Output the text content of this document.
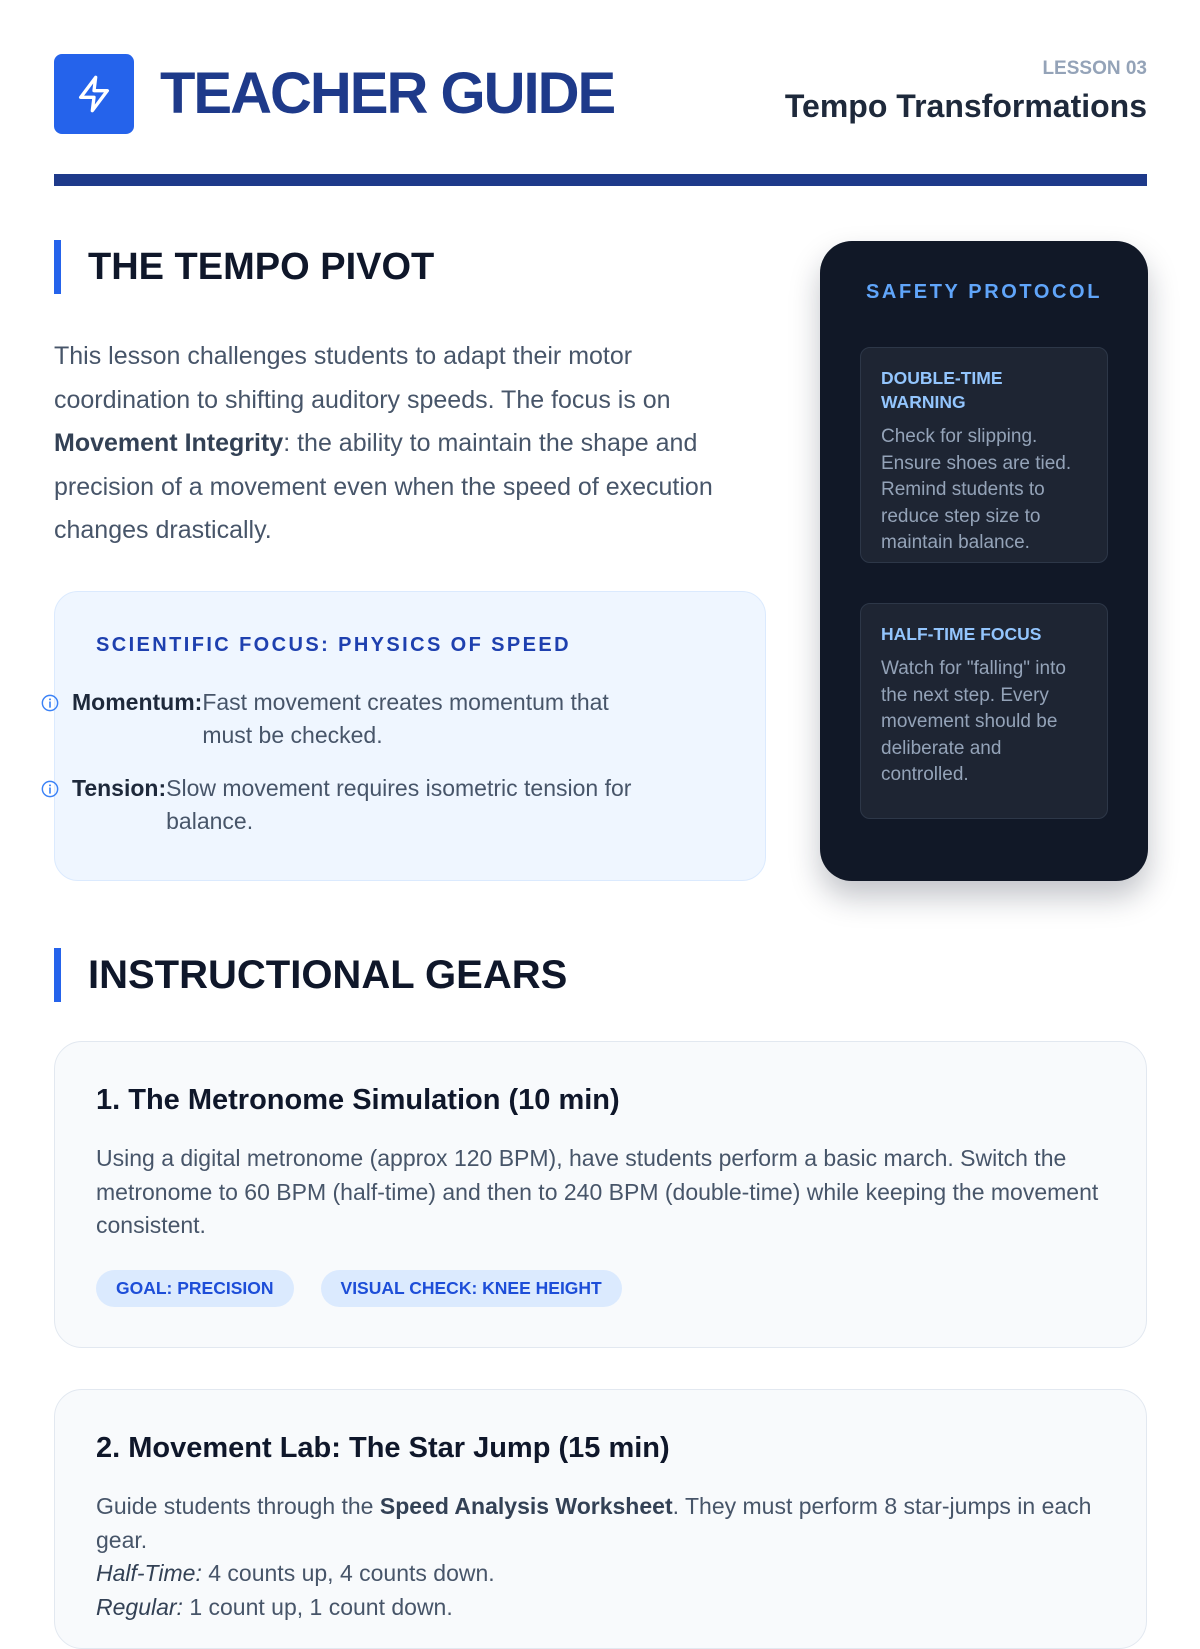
TEACHER GUIDE	LESSON 03
Tempo Transformations
THE TEMPO PIVOT

This lesson challenges students to adapt their motor coordination to shifting auditory speeds. The focus is on Movement Integrity: the ability to maintain the shape and precision of a movement even when the speed of execution changes drastically.

SCIENTIFIC FOCUS: PHYSICS OF SPEED
Momentum: Fast movement creates momentum that must be checked.
Tension: Slow movement requires isometric tension for balance.
SAFETY PROTOCOL
DOUBLE-TIME WARNING
Check for slipping. Ensure shoes are tied. Remind students to reduce step size to maintain balance.
HALF-TIME FOCUS
Watch for "falling" into the next step. Every movement should be deliberate and controlled.
INSTRUCTIONAL GEARS
1. The Metronome Simulation (10 min)
Using a digital metronome (approx 120 BPM), have students perform a basic march. Switch the metronome to 60 BPM (half-time) and then to 240 BPM (double-time) while keeping the movement consistent.
GOAL: PRECISION	VISUAL CHECK: KNEE HEIGHT
2. Movement Lab: The Star Jump (15 min)
Guide students through the Speed Analysis Worksheet. They must perform 8 star-jumps in each gear.
Half-Time: 4 counts up, 4 counts down.
Regular: 1 count up, 1 count down.
